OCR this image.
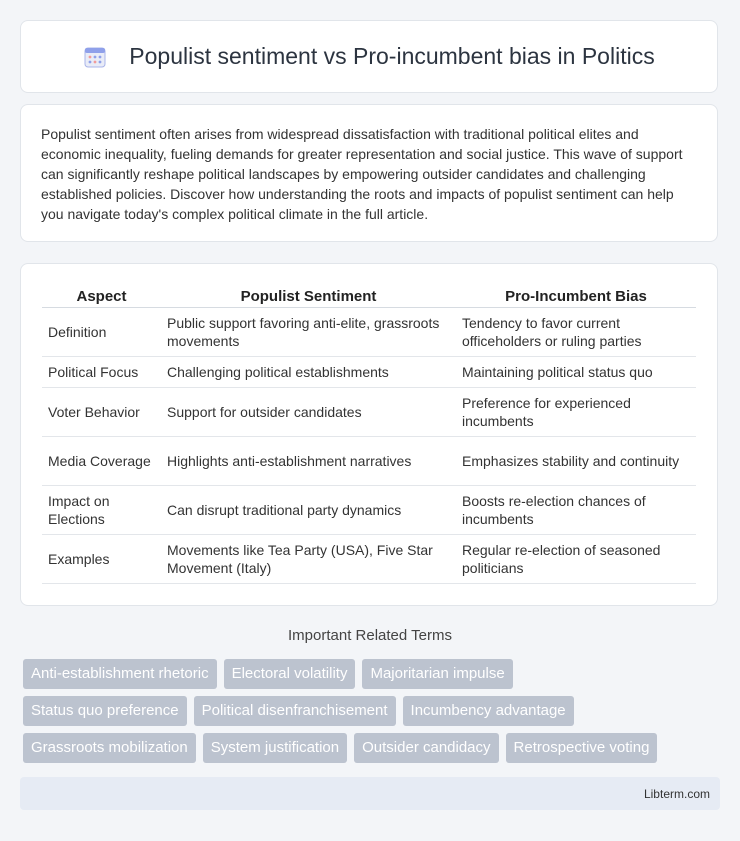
Populist sentiment vs Pro-incumbent bias in Politics

Populist sentiment often arises from widespread dissatisfaction with traditional political elites and economic inequality, fueling demands for greater representation and social justice. This wave of support can significantly reshape political landscapes by empowering outsider candidates and challenging established policies. Discover how understanding the roots and impacts of populist sentiment can help you navigate today's complex political climate in the full article.

Aspect	Populist Sentiment	Pro-Incumbent Bias
Definition	Public support favoring anti-elite, grassroots movements	Tendency to favor current officeholders or ruling parties
Political Focus	Challenging political establishments	Maintaining political status quo
Voter Behavior	Support for outsider candidates	Preference for experienced incumbents
Media Coverage	Highlights anti-establishment narratives	Emphasizes stability and continuity
Impact on Elections	Can disrupt traditional party dynamics	Boosts re-election chances of incumbents
Examples	Movements like Tea Party (USA), Five Star Movement (Italy)	Regular re-election of seasoned politicians
Important Related Terms
Anti-establishment rhetoric	Electoral volatility	Majoritarian impulse
Status quo preference	Political disenfranchisement	Incumbency advantage
Grassroots mobilization	System justification	Outsider candidacy	Retrospective voting
Libterm.com
